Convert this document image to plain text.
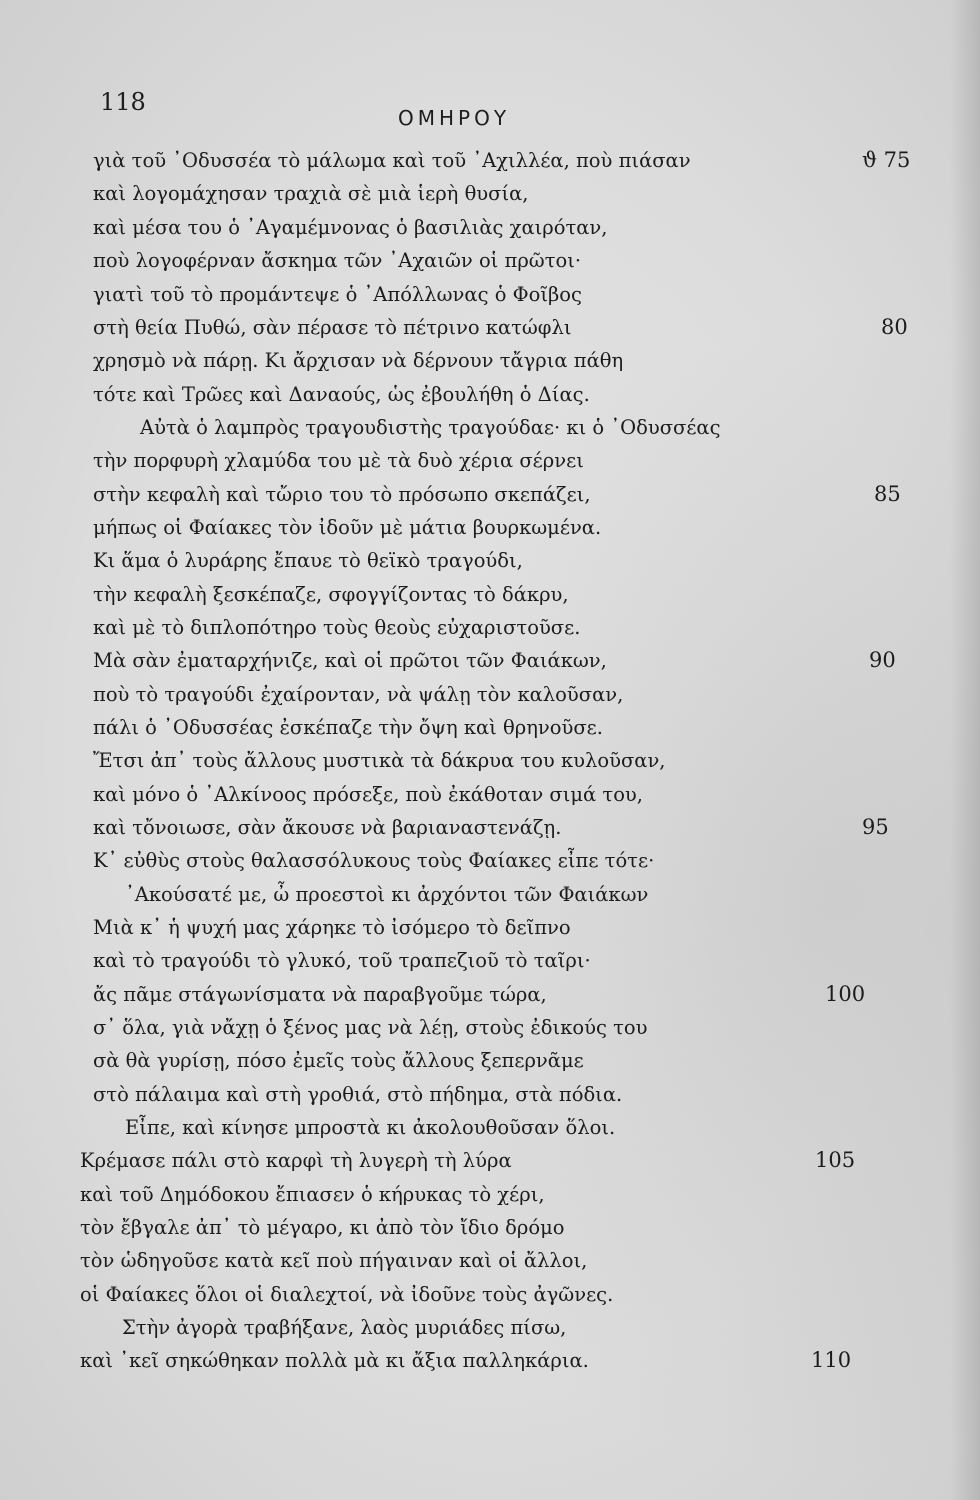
118
ΟΜΗΡΟΥ
γιὰ τοῦ ᾿Οδυσσέα τὸ μάλωμα καὶ τοῦ ᾿Αχιλλέα, ποὺ πιάσαν	ϑ 75
καὶ λογομάχησαν τραχιὰ σὲ μιὰ ἱερὴ θυσία,
καὶ μέσα του ὁ ᾿Αγαμέμνονας ὁ βασιλιὰς χαιρόταν,
ποὺ λογοφέρναν ἄσκημα τῶν ᾿Αχαιῶν οἱ πρῶτοι·
γιατὶ τοῦ τὸ προμάντεψε ὁ ᾿Απόλλωνας ὁ Φοῖβος
στὴ θεία Πυθώ, σὰν πέρασε τὸ πέτρινο κατώφλι	80
χρησμὸ νὰ πάρῃ. Κι ἄρχισαν νὰ δέρνουν τἄγρια πάθη
τότε καὶ Τρῶες καὶ Δαναούς, ὡς ἐβουλήθη ὁ Δίας.
Αὐτὰ ὁ λαμπρὸς τραγουδιστὴς τραγούδαε· κι ὁ ᾿Οδυσσέας
τὴν πορφυρὴ χλαμύδα του μὲ τὰ δυὸ χέρια σέρνει
στὴν κεφαλὴ καὶ τὤριο του τὸ πρόσωπο σκεπάζει,	85
μήπως οἱ Φαίακες τὸν ἰδοῦν μὲ μάτια βουρκωμένα.
Κι ἅμα ὁ λυράρης ἔπαυε τὸ θεϊκὸ τραγούδι,
τὴν κεφαλὴ ξεσκέπαζε, σφογγίζοντας τὸ δάκρυ,
καὶ μὲ τὸ διπλοπότηρο τοὺς θεοὺς εὐχαριστοῦσε.
Μὰ σὰν ἐματαρχήνιζε, καὶ οἱ πρῶτοι τῶν Φαιάκων,	90
ποὺ τὸ τραγούδι ἐχαίρονταν, νὰ ψάλῃ τὸν καλοῦσαν,
πάλι ὁ ᾿Οδυσσέας ἐσκέπαζε τὴν ὄψη καὶ θρηνοῦσε.
Ἔτσι ἀπ᾿ τοὺς ἄλλους μυστικὰ τὰ δάκρυα του κυλοῦσαν,
καὶ μόνο ὁ ᾿Αλκίνοος πρόσεξε, ποὺ ἐκάθοταν σιμά του,
καὶ τὄνοιωσε, σὰν ἄκουσε νὰ βαριαναστενάζῃ.	95
Κ᾿ εὐθὺς στοὺς θαλασσόλυκους τοὺς Φαίακες εἶπε τότε·
᾿Ακούσατέ με, ὦ προεστοὶ κι ἀρχόντοι τῶν Φαιάκων
Μιὰ κ᾿ ἡ ψυχή μας χάρηκε τὸ ἰσόμερο τὸ δεῖπνο
καὶ τὸ τραγούδι τὸ γλυκό, τοῦ τραπεζιοῦ τὸ ταῖρι·
ἄς πᾶμε στάγωνίσματα νὰ παραβγοῦμε τώρα,	100
σ᾿ ὅλα, γιὰ νἄχῃ ὁ ξένος μας νὰ λέῃ, στοὺς ἐδικούς του
σὰ θὰ γυρίσῃ, πόσο ἐμεῖς τοὺς ἄλλους ξεπερνᾶμε
στὸ πάλαιμα καὶ στὴ γροθιά, στὸ πήδημα, στὰ πόδια.
Εἶπε, καὶ κίνησε μπροστὰ κι ἀκολουθοῦσαν ὅλοι.
Κρέμασε πάλι στὸ καρφὶ τὴ λυγερὴ τὴ λύρα	105
καὶ τοῦ Δημόδοκου ἔπιασεν ὁ κήρυκας τὸ χέρι,
τὸν ἔβγαλε ἀπ᾿ τὸ μέγαρο, κι ἀπὸ τὸν ἴδιο δρόμο
τὸν ὡδηγοῦσε κατὰ κεῖ ποὺ πήγαιναν καὶ οἱ ἄλλοι,
οἱ Φαίακες ὅλοι οἱ διαλεχτοί, νὰ ἰδοῦνε τοὺς ἀγῶνες.
Στὴν ἀγορὰ τραβήξανε, λαὸς μυριάδες πίσω,
καὶ ᾿κεῖ σηκώθηκαν πολλὰ μὰ κι ἄξια παλληκάρια.	110
